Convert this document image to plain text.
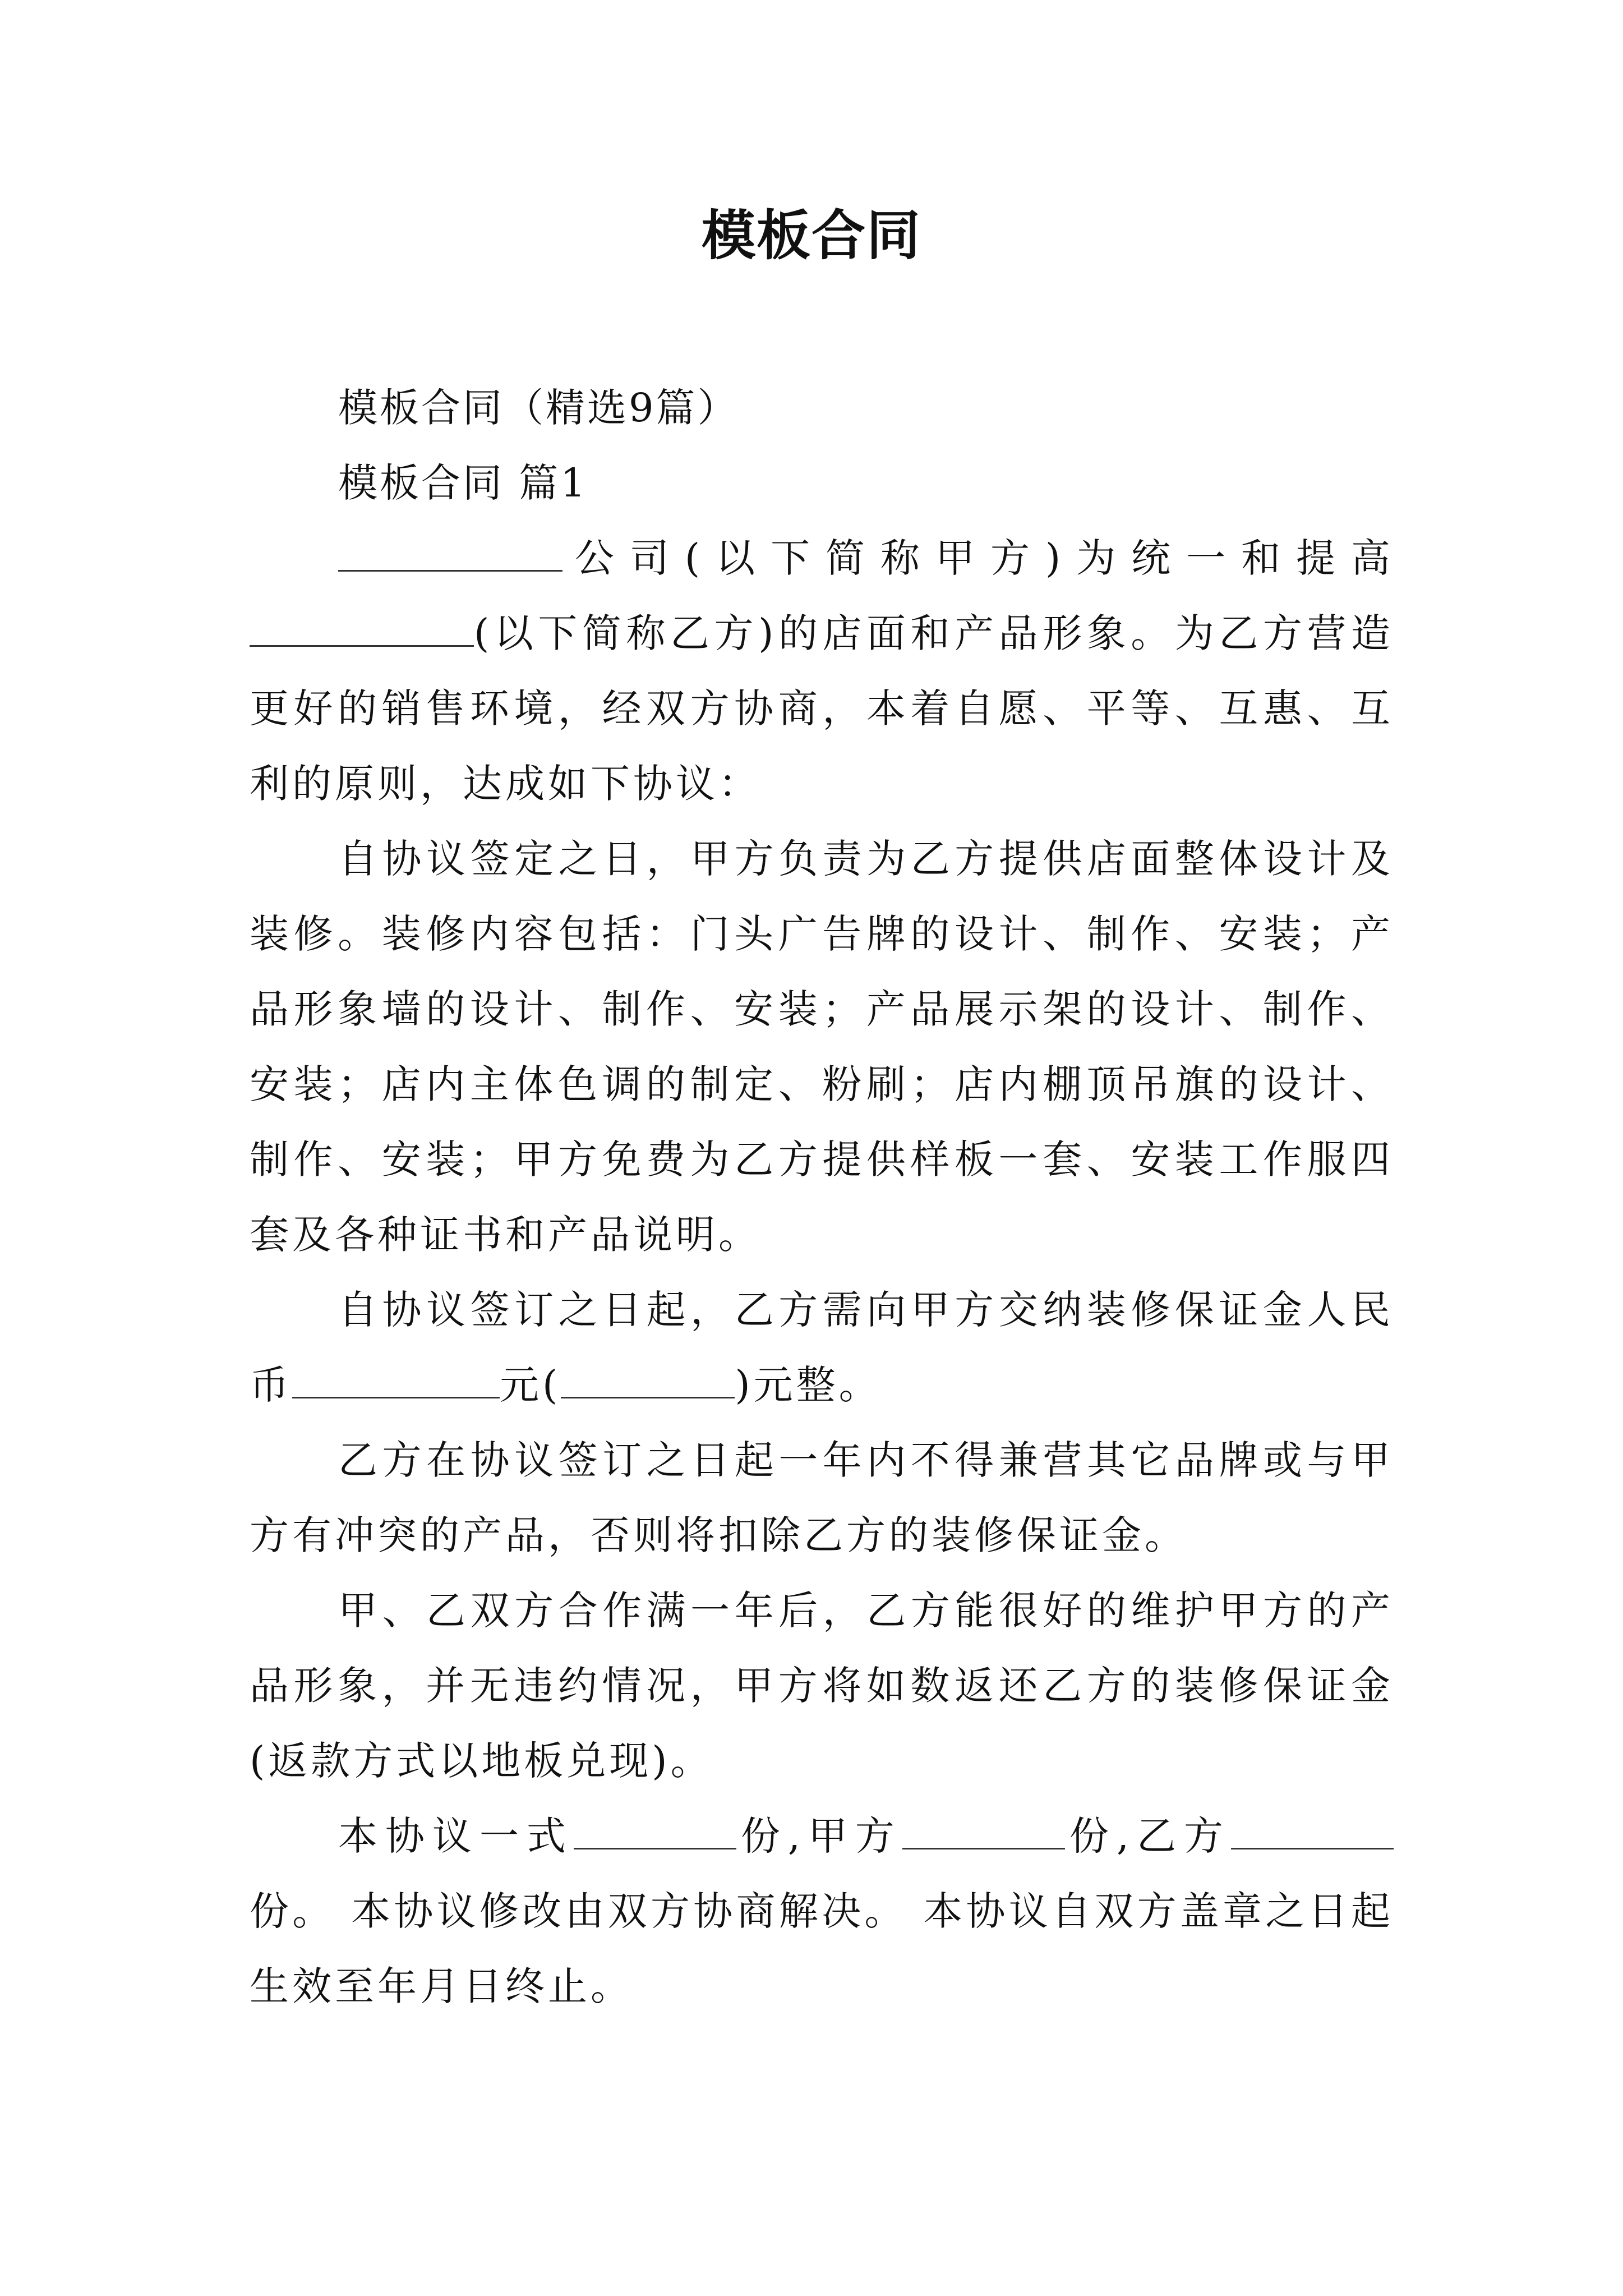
模板合同

模板合同（精选9篇）

模板合同 篇1

公司(以下简称甲方)为统一和提高(以下简称乙方)的店面和产品形象。为乙方营造更好的销售环境，经双方协商，本着自愿、平等、互惠、互利的原则，达成如下协议：

自协议签定之日，甲方负责为乙方提供店面整体设计及装修。装修内容包括：门头广告牌的设计、制作、安装；产品形象墙的设计、制作、安装；产品展示架的设计、制作、安装；店内主体色调的制定、粉刷；店内棚顶吊旗的设计、制作、安装；甲方免费为乙方提供样板一套、安装工作服四套及各种证书和产品说明。

自协议签订之日起，乙方需向甲方交纳装修保证金人民币	元(	)元整。

乙方在协议签订之日起一年内不得兼营其它品牌或与甲方有冲突的产品，否则将扣除乙方的装修保证金。

甲、乙双方合作满一年后，乙方能很好的维护甲方的产品形象，并无违约情况，甲方将如数返还乙方的装修保证金(返款方式以地板兑现)。

本协议一式	份,甲方	份,乙方份。 本协议修改由双方协商解决。 本协议自双方盖章之日起生效至年月日终止。
